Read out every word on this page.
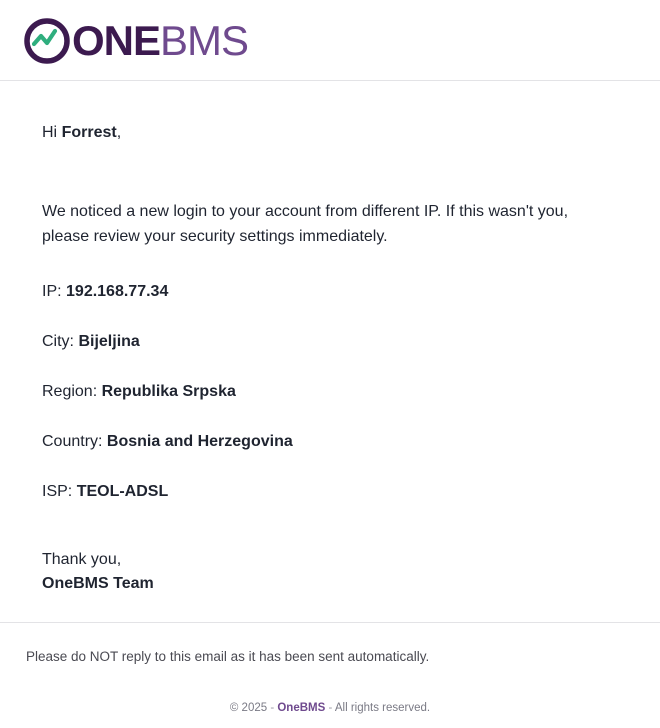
ONEBMS

Hi Forrest,

We noticed a new login to your account from different IP. If this wasn't you, please review your security settings immediately.

IP: 192.168.77.34

City: Bijeljina

Region: Republika Srpska

Country: Bosnia and Herzegovina

ISP: TEOL-ADSL

Thank you,
OneBMS Team

Please do NOT reply to this email as it has been sent automatically.

© 2025 - OneBMS - All rights reserved.
